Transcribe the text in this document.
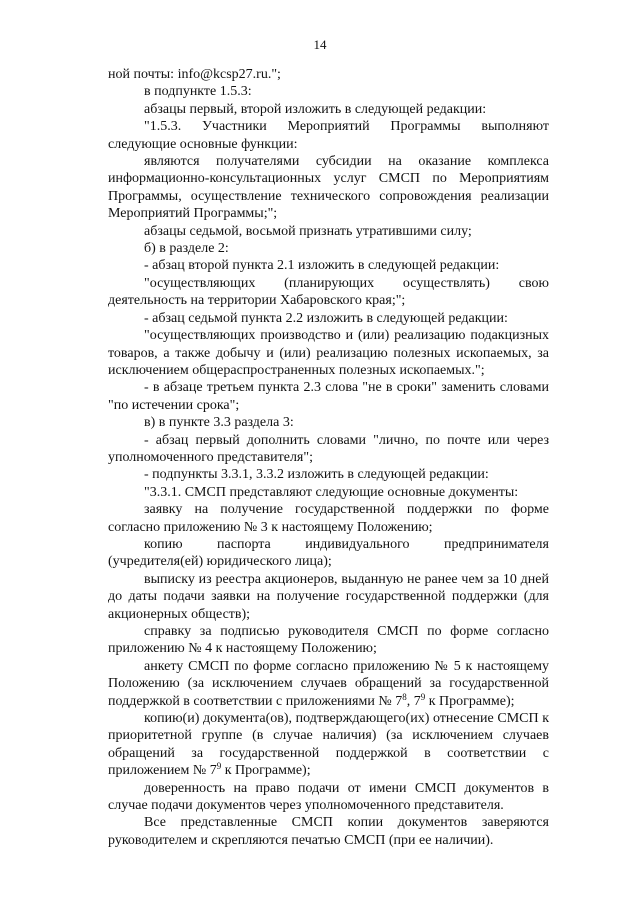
14

ной почты: info@kcsp27.ru.";

в подпункте 1.5.3:

абзацы первый, второй изложить в следующей редакции:

"1.5.3. Участники Мероприятий Программы выполняют следующие основные функции:

являются получателями субсидии на оказание комплекса информационно-консультационных услуг СМСП по Мероприятиям Программы, осуществление технического сопровождения реализации Мероприятий Программы;";

абзацы седьмой, восьмой признать утратившими силу;

б) в разделе 2:

- абзац второй пункта 2.1 изложить в следующей редакции:

"осуществляющих (планирующих осуществлять) свою деятельность на территории Хабаровского края;";

- абзац седьмой пункта 2.2 изложить в следующей редакции:

"осуществляющих производство и (или) реализацию подакцизных товаров, а также добычу и (или) реализацию полезных ископаемых, за исключением общераспространенных полезных ископаемых.";

- в абзаце третьем пункта 2.3 слова "не в сроки" заменить словами "по истечении срока";

в) в пункте 3.3 раздела 3:

- абзац первый дополнить словами "лично, по почте или через уполномоченного представителя";

- подпункты 3.3.1, 3.3.2 изложить в следующей редакции:

"3.3.1. СМСП представляют следующие основные документы:

заявку на получение государственной поддержки по форме согласно приложению № 3 к настоящему Положению;

копию паспорта индивидуального предпринимателя (учредителя(ей) юридического лица);

выписку из реестра акционеров, выданную не ранее чем за 10 дней до даты подачи заявки на получение государственной поддержки (для акционерных обществ);

справку за подписью руководителя СМСП по форме согласно приложению № 4 к настоящему Положению;

анкету СМСП по форме согласно приложению № 5 к настоящему Положению (за исключением случаев обращений за государственной поддержкой в соответствии с приложениями № $7^8$, $7^9$ к Программе);

копию(и) документа(ов), подтверждающего(их) отнесение СМСП к приоритетной группе (в случае наличия) (за исключением случаев обращений за государственной поддержкой в соответствии с приложением № $7^9$ к Программе);

доверенность на право подачи от имени СМСП документов в случае подачи документов через уполномоченного представителя.

Все представленные СМСП копии документов заверяются руководителем и скрепляются печатью СМСП (при ее наличии).
